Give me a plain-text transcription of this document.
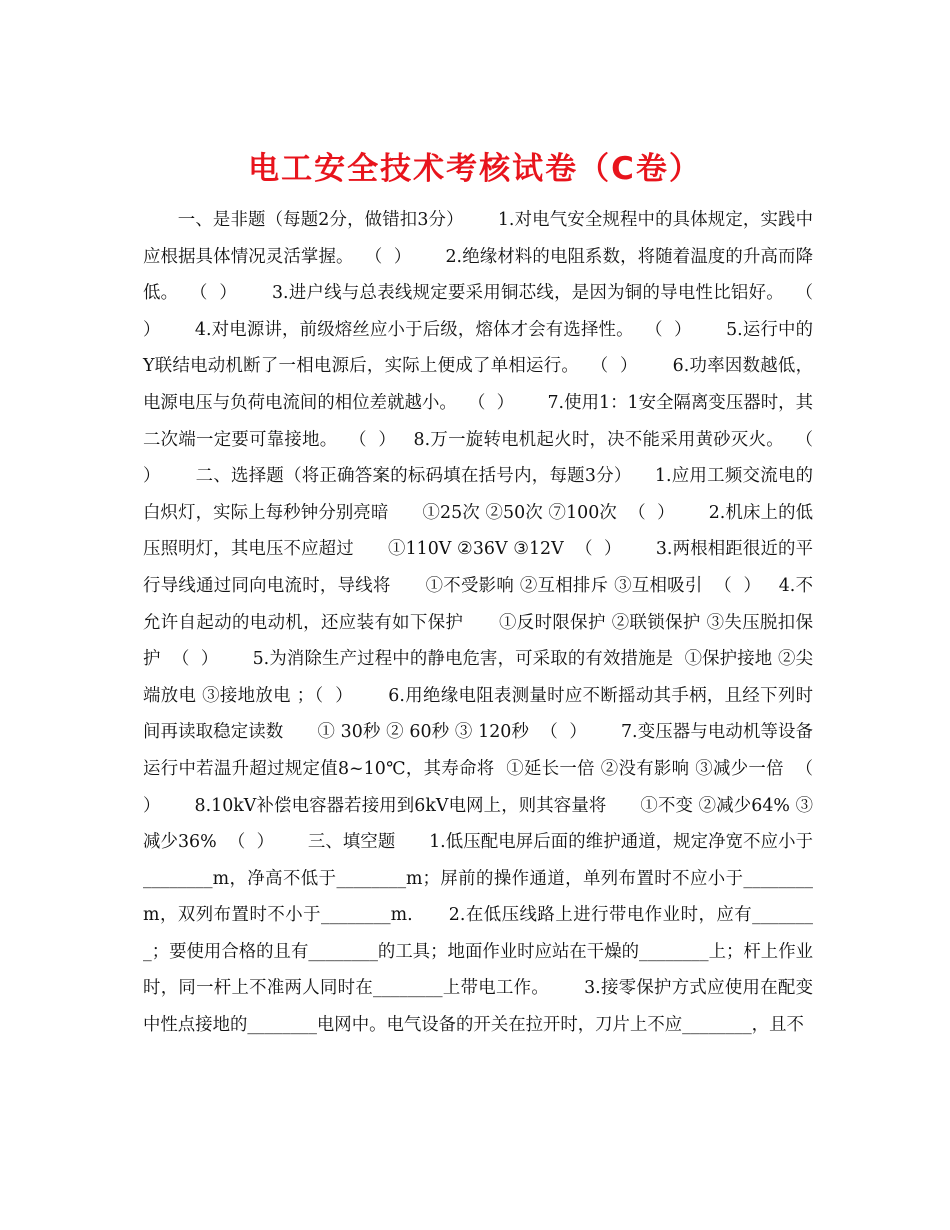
电工安全技术考核试卷（C卷）
一、是非题（每题2分，做错扣3分）      1.对电气安全规程中的具体规定，实践中应根据具体情况灵活掌握。  （  ）      2.绝缘材料的电阻系数，将随着温度的升高而降低。  （  ）      3.进户线与总表线规定要采用铜芯线，是因为铜的导电性比铝好。  （  ）      4.对电源讲，前级熔丝应小于后级，熔体才会有选择性。  （  ）      5.运行中的Y联结电动机断了一相电源后，实际上便成了单相运行。  （  ）      6.功率因数越低，电源电压与负荷电流间的相位差就越小。  （  ）      7.使用1：1安全隔离变压器时，其二次端一定要可靠接地。  （  ）   8.万一旋转电机起火时，决不能采用黄砂灭火。  （  ）      二、选择题（将正确答案的标码填在括号内，每题3分）    1.应用工频交流电的白炽灯，实际上每秒钟分别亮暗      ①25次 ②50次 ⑦100次  （  ）      2.机床上的低压照明灯，其电压不应超过      ①110V ②36V ③12V  （  ）      3.两根相距很近的平行导线通过同向电流时，导线将      ①不受影响 ②互相排斥 ③互相吸引  （  ）   4.不允许自起动的电动机，还应装有如下保护      ①反时限保护 ②联锁保护 ③失压脱扣保护  （  ）      5.为消除生产过程中的静电危害，可采取的有效措施是  ①保护接地 ②尖端放电 ③接地放电 ；（  ）      6.用绝缘电阻表测量时应不断摇动其手柄，且经下列时间再读取稳定读数      ① 30秒 ② 60秒 ③ 120秒  （  ）      7.变压器与电动机等设备运行中若温升超过规定值8~10℃，其寿命将  ①延长一倍 ②没有影响 ③减少一倍  （  ）      8.10kV补偿电容器若接用到6kV电网上，则其容量将      ①不变 ②减少64% ③减少36%  （  ）      三、填空题      1.低压配电屏后面的维护通道，规定净宽不应小于________m，净高不低于________m；屏前的操作通道，单列布置时不应小于________m，双列布置时不小于________m.      2.在低压线路上进行带电作业时，应有________；要使用合格的且有________的工具；地面作业时应站在干燥的________上；杆上作业时，同一杆上不准两人同时在________上带电工作。      3.接零保护方式应使用在配变中性点接地的________电网中。电气设备的开关在拉开时，刀片上不应________，且不
